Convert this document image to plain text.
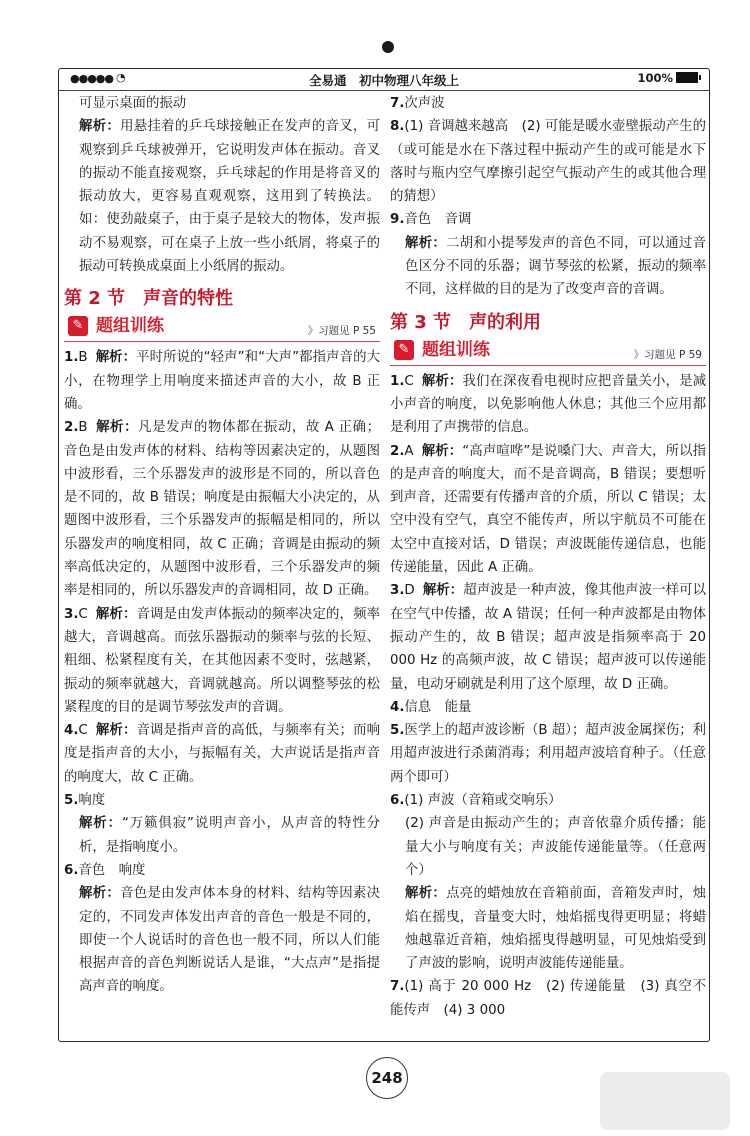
●●●●● ◔	全易通　初中物理八年级上	100%

可显示桌面的振动

解析：用悬挂着的乒乓球接触正在发声的音叉，可观察到乒乓球被弹开，它说明发声体在振动。音叉的振动不能直接观察，乒乓球起的作用是将音叉的振动放大，更容易直观观察，这用到了转换法。如：使劲敲桌子，由于桌子是较大的物体，发声振动不易观察，可在桌子上放一些小纸屑，将桌子的振动可转换成桌面上小纸屑的振动。

第 2 节 声音的特性
✎ 题组训练	》习题见 P 55

1.B 解析：平时所说的“轻声”和“大声”都指声音的大小，在物理学上用响度来描述声音的大小，故 B 正确。

2.B 解析：凡是发声的物体都在振动，故 A 正确；音色是由发声体的材料、结构等因素决定的，从题图中波形看，三个乐器发声的波形是不同的，所以音色是不同的，故 B 错误；响度是由振幅大小决定的，从题图中波形看，三个乐器发声的振幅是相同的，所以乐器发声的响度相同，故 C 正确；音调是由振动的频率高低决定的，从题图中波形看，三个乐器发声的频率是相同的，所以乐器发声的音调相同，故 D 正确。

3.C 解析：音调是由发声体振动的频率决定的，频率越大，音调越高。而弦乐器振动的频率与弦的长短、粗细、松紧程度有关，在其他因素不变时，弦越紧，振动的频率就越大，音调就越高。所以调整琴弦的松紧程度的目的是调节琴弦发声的音调。

4.C 解析：音调是指声音的高低，与频率有关；而响度是指声音的大小，与振幅有关，大声说话是指声音的响度大，故 C 正确。

5.响度

解析：“万籁俱寂”说明声音小，从声音的特性分析，是指响度小。

6.音色　响度

解析：音色是由发声体本身的材料、结构等因素决定的，不同发声体发出声音的音色一般是不同的，即使一个人说话时的音色也一般不同，所以人们能根据声音的音色判断说话人是谁，“大点声”是指提高声音的响度。

7.次声波

8.(1) 音调越来越高　(2) 可能是暖水壶壁振动产生的（或可能是水在下落过程中振动产生的或可能是水下落时与瓶内空气摩擦引起空气振动产生的或其他合理的猜想）

9.音色　音调

解析：二胡和小提琴发声的音色不同，可以通过音色区分不同的乐器；调节琴弦的松紧，振动的频率不同，这样做的目的是为了改变声音的音调。

第 3 节 声的利用
✎ 题组训练	》习题见 P 59

1.C 解析：我们在深夜看电视时应把音量关小，是减小声音的响度，以免影响他人休息；其他三个应用都是利用了声携带的信息。

2.A 解析：“高声喧哗”是说嗓门大、声音大，所以指的是声音的响度大，而不是音调高，B 错误；要想听到声音，还需要有传播声音的介质，所以 C 错误；太空中没有空气，真空不能传声，所以宇航员不可能在太空中直接对话，D 错误；声波既能传递信息，也能传递能量，因此 A 正确。

3.D 解析：超声波是一种声波，像其他声波一样可以在空气中传播，故 A 错误；任何一种声波都是由物体振动产生的，故 B 错误；超声波是指频率高于 20 000 Hz 的高频声波，故 C 错误；超声波可以传递能量，电动牙刷就是利用了这个原理，故 D 正确。

4.信息　能量

5.医学上的超声波诊断（B 超）；超声波金属探伤；利用超声波进行杀菌消毒；利用超声波培育种子。（任意两个即可）

6.(1) 声波（音箱或交响乐）

(2) 声音是由振动产生的；声音依靠介质传播；能量大小与响度有关；声波能传递能量等。（任意两个）

解析：点亮的蜡烛放在音箱前面，音箱发声时，烛焰在摇曳，音量变大时，烛焰摇曳得更明显；将蜡烛越靠近音箱，烛焰摇曳得越明显，可见烛焰受到了声波的影响，说明声波能传递能量。

7.(1) 高于 20 000 Hz　(2) 传递能量　(3) 真空不能传声　(4) 3 000

248
